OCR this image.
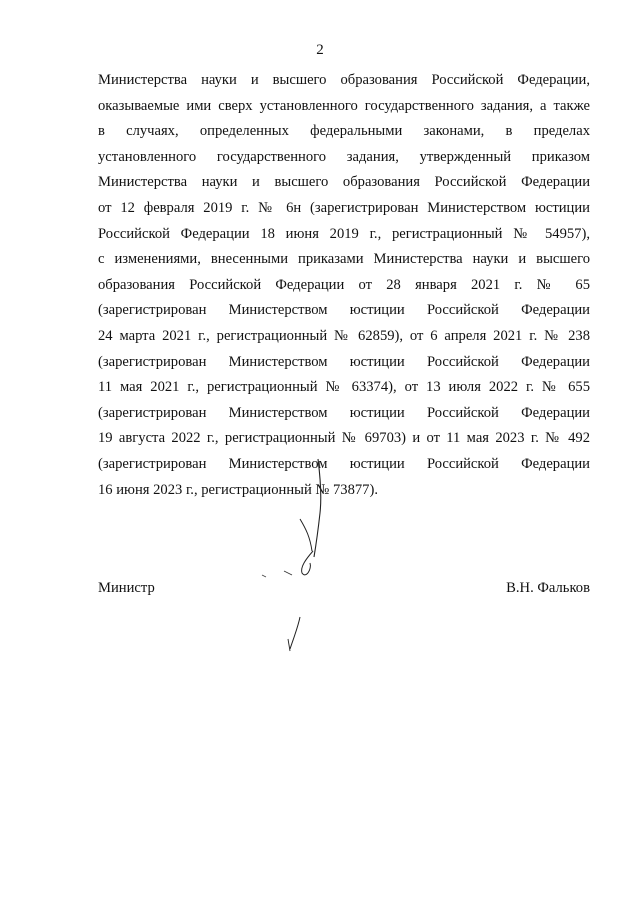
2
Министерства науки и высшего образования Российской Федерации,
оказываемые ими сверх установленного государственного задания, а также
в случаях, определенных федеральными законами, в пределах
установленного государственного задания, утвержденный приказом
Министерства науки и высшего образования Российской Федерации
от 12 февраля 2019 г. № 6н (зарегистрирован Министерством юстиции
Российской Федерации 18 июня 2019 г., регистрационный № 54957),
с изменениями, внесенными приказами Министерства науки и высшего
образования Российской Федерации от 28 января 2021 г. № 65
(зарегистрирован Министерством юстиции Российской Федерации
24 марта 2021 г., регистрационный № 62859), от 6 апреля 2021 г. № 238
(зарегистрирован Министерством юстиции Российской Федерации
11 мая 2021 г., регистрационный № 63374), от 13 июля 2022 г. № 655
(зарегистрирован Министерством юстиции Российской Федерации
19 августа 2022 г., регистрационный № 69703) и от 11 мая 2023 г. № 492
(зарегистрирован Министерством юстиции Российской Федерации
16 июня 2023 г., регистрационный № 73877).
Министр	В.Н. Фальков
